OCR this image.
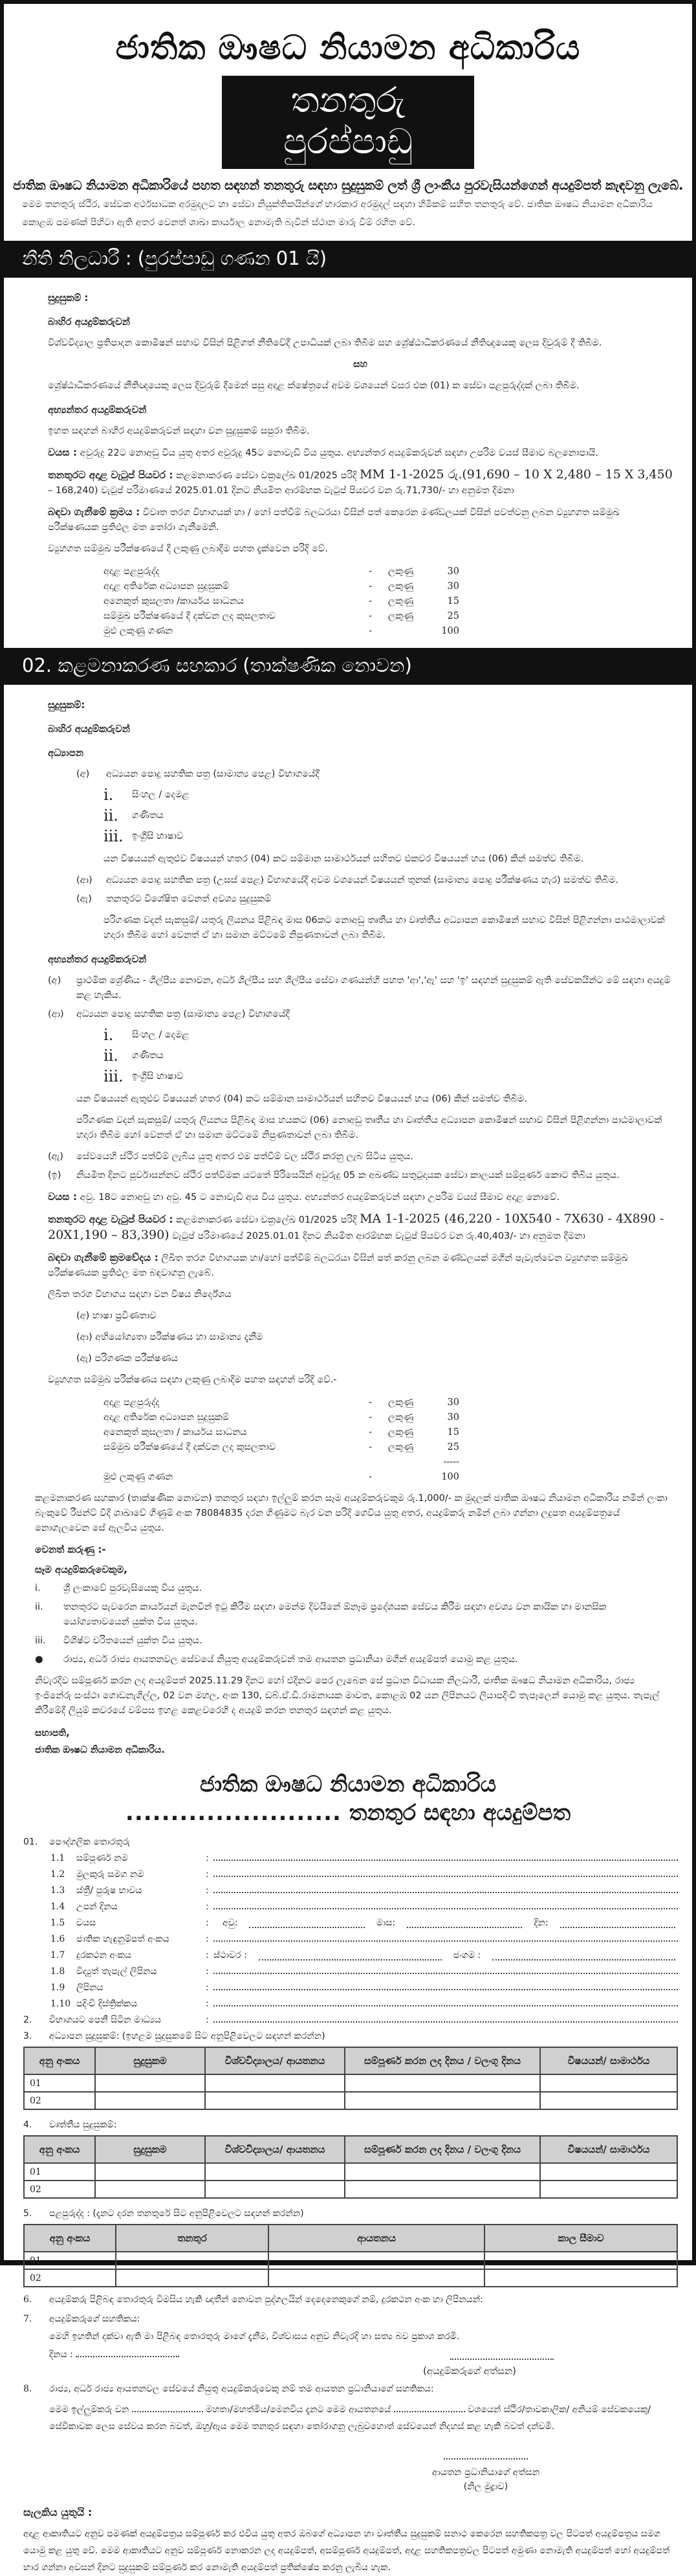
ජාතික ඖෂධ නියාමන අධිකාරිය
තනතුරු පුරප්පාඩු
ජාතික ඖෂධ නියාමන අධිකාරියේ පහත සඳහන් තනතුරු සඳහා සුදුසුකම් ලත් ශ්‍රී ලාංකීය පුරවැසියන්ගෙන් අයදුම්පත් කැඳවනු ලැබේ.
මෙම තනතුරු ස්ථිර, සේවක අර්ථසාධක අරමුදලට හා සේවා නියුක්තිකයින්ගේ භාරකාර අරමුදල් සඳහා හිමිකම් සහිත තනතුරු වේ. ජාතික ඖෂධ නියාමන අධිකාරිය කොළඹ පමණක් පිහිටා ඇති අතර වෙනත් ශාඛා කාර්යාල නොමැති බැවින් ස්ථාන මාරු වීම් රහිත වේ.
නීති නිලධාරී : (පුරප්පාඩු ගණන 01 යි)
සුදුසුකම් :
බාහිර අයදුම්කරුවන්
විශ්වවිද්‍යාල ප්‍රතිපාදන කොමිෂන් සභාව විසින් පිළිගත් නීතිවේදී උපාධියක් ලබා තිබීම සහ ශ්‍රේෂ්ඨාධිකරණයේ නීතිඥයෙකු ලෙස දිවුරුම් දී තිබීම.
සහ
ශ්‍රේෂ්ඨාධිකරණයේ නීතිඥයෙකු ලෙස දිවුරුම් දීමෙන් පසු අදාළ ක්ෂේත්‍රයේ අවම වශයෙන් වසර එක (01) ක සේවා පළපුරුද්දක් ලබා තිබීම.
අභ්‍යන්තර අයදුම්කරුවන්
ඉහත සඳහන් බාහිර අයදුම්කරුවන් සඳහා වන සුදුසුකම් සපුරා තිබීම.
වයස : අවුරුදු 22ට නොඅඩු විය යුතු අතර අවුරුදු 45ට නොවැඩි විය යුතුය. අභ්‍යන්තර අයදුම්කරුවන් සඳහා උපරිම වයස් සීමාව බලනොපායි.
තනතුරට අදාළ වැටුප් පියවර : කළමනාකරණ සේවා චක්‍රලේඛ 01/2025 පරිදි MM 1-1-2025 රු.(91,690 – 10 X 2,480 – 15 X 3,450 – 168,240) වැටුප් පරිමාණයේ 2025.01.01 දිනට නියමිත ආරම්භක වැටුප් පියවර වන රු.71,730/- හා අනුමත දීමනා
බඳවා ගැනීමේ ක්‍රමය : විවෘත තරග විභාගයක් හා / හෝ පත්වීම් බලධරයා විසින් පත් කෙරෙන මණ්ඩලයක් විසින් පවත්වනු ලබන ව්‍යුහගත සම්මුඛ පරීක්ෂණයක ප්‍රතිඵල මත තෝරා ගැනීමෙනි.
ව්‍යුහගත සම්මුඛ පරීක්ෂණයේ දී ලකුණු ලබාදීම පහත දැක්වෙන පරිදි වේ.
අදාළ පළපුරුද්ද	-	ලකුණු	30
අදාළ අතිරේක අධ්‍යාපන සුදුසුකම්	-	ලකුණු	30
අනෙකුත් කුසලතා /කාර්යය සාධනය	-	ලකුණු	15
සම්මුඛ පරීක්ෂණයේ දී දක්වන ලද කුසලතාව	-	ලකුණු	25
මුළු ලකුණු ගණන	-	100
02. කළමනාකරණ සහකාර (තාක්ෂණික නොවන)
සුදුසුකම්:
බාහිර අයදුම්කරුවන්
අධ්‍යාපන
(අ)	අධ්‍යයන පොදු සහතික පත්‍ර (සාමාන්‍ය පෙළ) විභාගයේදී
i.	සිංහල / දෙමළ
ii.	ගණිතය
iii. ඉංග්‍රීසි භාෂාව
යන විෂයයන් ඇතුළුව විෂයයන් හතර (04) කට සම්මාන සාමාර්ථයන් සහිතව එකවර විෂයයන් හය (06) කින් සමත්ව තිබීම.
(ආ)	අධ්‍යයන පොදු සහතික පත්‍ර (උසස් පෙළ) විභාගයේදී අවම වශයෙන් විෂයයන් තුනක් (සාමාන්‍ය පොදු පරීක්ෂණය හැර) සමත්ව තිබීම.
(ඇ)	තනතුරට විශේෂිත වෙනත් අවශ්‍ය සුදුසුකම්
පරිගණක වදන් සැකසුම්/ යතුරු ලියනය පිළිබඳ මාස 06කට නොඅඩු තෘතීය හා වෘත්තීය අධ්‍යාපන කොමිෂන් සභාව විසින් පිළිගන්නා පාඨමාලාවක් හදාරා තිබීම හෝ වෙනත් ඒ හා සමාන මට්ටමේ නිපුණතාවන් ලබා තිබීම.
අභ්‍යන්තර අයදුම්කරුවන්
(අ)	ප්‍රාථමික ශ්‍රේණිය - ශිල්පීය නොවන, අර්ධ ශිල්පීය සහ ශිල්පීය සේවා ගණයන්හි පහත 'ආ','ඇ' සහ 'ඉ' සඳහන් සුදුසුකම් ඇති සේවකයින්ට මේ සඳහා අයදුම් කළ හැකිය.
(ආ)	අධ්‍යයන පොදු සහතික පත්‍ර (සාමාන්‍ය පෙළ) විභාගයේදී
i.	සිංහල / දෙමළ
ii.	ගණිතය
iii. ඉංග්‍රීසි භාෂාව
යන විෂයයන් ඇතුළුව විෂයයන් හතර (04) කට සම්මාන සාමාර්ථයන් සහිතව විෂයයන් හය (06) කින් සමත්ව තිබීම.
පරිගණක වදන් සැකසුම්/ යතුරු ලියනය පිළිබඳ මාස හයකට (06) නොඅඩු තෘතීය හා වෘත්තීය අධ්‍යාපන කොමිෂන් සභාව විසින් පිළිගන්නා පාඨමාලාවක් හදාරා තිබීම හෝ වෙනත් ඒ හා සමාන මට්ටමේ නිපුණතාවන් ලබා තිබීම.
(ඇ)	සේවයෙහි ස්ථිර පත්වීම් ලැබිය යුතු අතර එම පත්වීම් වල ස්ථිර කරනු ලැබ සිටිය යුතුය.
(ඉ)	නියමිත දිනට පූර්වාසන්නව ස්ථිර පත්වීමක යටතේ පිරිසෙයින් අවුරුදු 05 ක අඛණ්ඩ සතුටුදායක සේවා කාලයක් සම්පූර්ණ කොට තිබිය යුතුය.
වයස : අවු. 18ට නොඅඩු හා අවු. 45 ට නොවැඩි අය විය යුතුය. අභ්‍යන්තර අයදුම්කරුවන් සඳහා උපරිම වයස් සීමාව අදාළ නොවේ.
තනතුරට අදාළ වැටුප් පියවර : කළමනාකරණ සේවා චක්‍රලේඛ 01/2025 පරිදි MA 1-1-2025 (46,220 - 10X540 - 7X630 - 4X890 - 20X1,190 – 83,390) වැටුප් පරිමාණයේ 2025.01.01 දිනට නියමිත ආරම්භක වැටුප් පියවර වන රු.40,403/- හා අනුමත දීමනා
බඳවා ගැනීමේ ක්‍රමවේදය : ලිඛිත තරග විභාගයක හා/හෝ පත්වීම් බලධරයා විසින් පත් කරනු ලබන මණ්ඩලයක් මගින් පැවැත්වෙන ව්‍යුහගත සම්මුඛ පරීක්ෂණයක ප්‍රතිඵල මත බඳවාගනු ලැබේ.
ලිඛිත තරග විභාගය සඳහා වන විෂය නිර්දේශය
(අ) භාෂා ප්‍රවීණතාව
(ආ) අභියෝග්‍යතා පරීක්ෂණය හා සාමාන්‍ය දැනීම
(ඇ) පරිගණක පරීක්ෂණය
ව්‍යුහගත සම්මුඛ පරීක්ෂණය සඳහා ලකුණු ලබාදීම පහත සඳහන් පරිදි වේ.-
අදාළ පළපුරුද්ද	-	ලකුණු	30
අදාළ අතිරේක අධ්‍යාපන සුදුසුකම්	-	ලකුණු	30
අනෙකුත් කුසලතා / කාර්යය සාධනය	-	ලකුණු	15
සම්මුඛ පරීක්ෂණයේ දී දක්වන ලද කුසලතාව	-	ලකුණු	25
-----
මුළු ලකුණු ගණන	-	100
කළමනාකරණ සහකාර (තාක්ෂණික නොවන) තනතුර සඳහා ඉල්ලුම් කරන සෑම අයදුම්කරුවකුම රු.1,000/- ක මුදලක් ජාතික ඖෂධ නියාමන අධිකාරිය නමින් ලංකා බැංකුවේ රීජන්ට් වීදි ශාඛාවේ ගිණුම් අංක 78084835 දරන ගිණුමට බැර වන පරිදි ගෙවිය යුතු අතර, අයදුම්කරු නමින් ලබා ගන්නා ලදුපත අයදුම්පත්‍රයේ නොගැලවෙන සේ ඇලවිය යුතුය.
වෙනත් කරුණු :-
සෑම අයදුම්කරුවෙකුම,
i.	ශ්‍රී ලංකාවේ පුරවැසියෙකු විය යුතුය.
ii.	තනතුරට පැවරෙන කාර්යයන් මැනවින් ඉටු කිරීම සඳහා මෙන්ම දිවයිනේ ඕනෑම ප්‍රදේශයක සේවය කිරීම සඳහා අවශ්‍ය වන කායික හා මානසික යෝග්‍යතාවයෙන් යුක්ත විය යුතුය.
iii.	විශිෂ්ට චරිතයෙන් යුක්ත විය යුතුය.
●	රාජ්‍ය, අර්ධ රාජ්‍ය ආයතනවල සේවයේ නියුතු අයදුම්කරුවන් තම ආයතන ප්‍රධානියා මගින් අයදුම්පත් යොමු කළ යුතුය.
නිවැරදිව සම්පූර්ණ කරන ලද අයදුම්පත් 2025.11.29 දිනට හෝ එදිනට පෙර ලැබෙන සේ ප්‍රධාන විධායක නිලධාරී, ජාතික ඖෂධ නියාමන අධිකාරිය, රාජ්‍ය ඉංජිනේරු සංස්ථා ගොඩනැගිල්ල, 02 වන මහල, අංක 130, ඩබ්.ඒ.ඩී.රාමනායක මාවත, කොළඹ 02 යන ලිපිනයට ලියාපදිංචි තැපෑලෙන් යොමු කළ යුතුය. තැපැල් කිරීමේදී ලියුම් කවරයේ වම්පස ඉහළ කෙළවරෙහි ද අයදුම් කරන තනතුර සඳහන් කළ යුතුය.
සභාපති,
ජාතික ඖෂධ නියාමන අධිකාරිය.
ජාතික ඖෂධ නියාමන අධිකාරිය
........................ තනතුර සඳහා අයදුම්පත
01.	පෞද්ගලික තොරතුරු
1.1	සම්පූර්ණ නම	:
1.2	මුලකුරු සමග නම	:
1.3	ස්ත්‍රී/ පුරුෂ භාවය	:
1.4	උපන් දිනය	:
1.5	වයස	:	අවු:	මාස:	දින:
1.6	ජාතික හැඳුනුම්පත් අංකය	:
1.7	දුරකථන අංකය	: ස්ථාවර :	ජංගම :
1.8	විද්‍යුත් තැපැල් ලිපිනය	:
1.9	ලිපිනය	:
1.10 පදිංචි දිස්ත්‍රික්කය	:
2.	විභාගයට පෙනී සිටින මාධ්‍යය	:
3.	අධ්‍යාපන සුදුසුකම්: (ඉහළම සුදුසුකමේ සිට අනුපිළිවෙලට සඳහන් කරන්න)
අනු අංකය	සුදුසුකම	විශ්වවිද්‍යාලය/ ආයතනය	සම්පූර්ණ කරන ලද දිනය / වලංගු දිනය	විෂයයන්/ සාමාර්ථය
01				
02				
4.	වෘත්තීය සුදුසුකම්:
අනු අංකය	සුදුසුකම	විශ්වවිද්‍යාලය/ ආයතනය	සම්පූර්ණ කරන ලද දිනය / වලංගු දිනය	විෂයයන්/ සාමාර්ථය
01				
02				
5.	පළපුරුද්ද : (දැනට දරන තනතුරේ සිට අනුපිළිවෙලට සඳහන් කරන්න)
අනු අංකය	තනතුර	ආයතනය	කාල සීමාව
01			
02			
6.	අයදුම්කරු පිළිබඳ තොරතුරු විමසිය හැකි ඥාතීන් නොවන පුද්ගලයින් දෙදෙනෙකුගේ නම්, දුරකථන අංක හා ලිපිනයන්:
7.	අයදුම්කරුගේ සහතිකය:
මෙහි ඉහතින් දක්වා ඇති මා පිළිබඳ තොරතුරු මාගේ දැනීම, විශ්වාසය අනුව නිවැරදි හා සත්‍ය බව ප්‍රකාශ කරමි.
දිනය :
(අයදුම්කරුගේ අත්සන)
8.	රාජ්‍ය, අර්ධ රාජ්‍ය ආයතනවල සේවයේ නියුතු අයදුම්කරුවෙකු නම් තම ආයතන ප්‍රධානියාගේ සහතිකය:
මෙම ඉල්ලුම්කරු වන	මහතා/මහත්මිය/මෙනවිය දැනට මෙම ආයතනයේ	වශයෙන් ස්ථිර/තාවකාලික/ අනියම් සේවකයෙකු/සේවිකාවක ලෙස සේවය කරන බවත්, ඔහු/ඇය මෙම තනතුර සඳහා තෝරාගනු ලැබුවහොත් සේවයෙන් නිදහස් කළ හැකි බවත් දන්වමි.
ආයතන ප්‍රධානියාගේ අත්සන
(නිල මුද්‍රාව)
සැලකිය යුතුයි :
අදාළ ආකෘතියට අනුව පමණක් අයදුම්පත්‍රය සම්පූර්ණ කර එවිය යුතු අතර ඔබගේ අධ්‍යාපන හා වෘත්තීය සුදුසුකම් සනාථ කෙරෙන සහතිකපත්‍ර වල පිටපත් අයදුම්පත්‍රය සමග යොමු කළ යුතු වේ. මෙම ආකෘතියට අනුව සම්පූර්ණ නොකරන ලද අයදුම්පත්, අසම්පූර්ණ අයදුම්පත්, අදාළ සහතිකපත්‍රවල පිටපත් අමුණා නොමැති අයදුම්පත් හෝ අයදුම්පත් භාර ගන්නා අවසන් දිනට සුදුසුකම් සම්පූර්ණ කර නොමැති අයදුම්පත් ප්‍රතික්ෂේප කරනු ලැබිය හැක.
